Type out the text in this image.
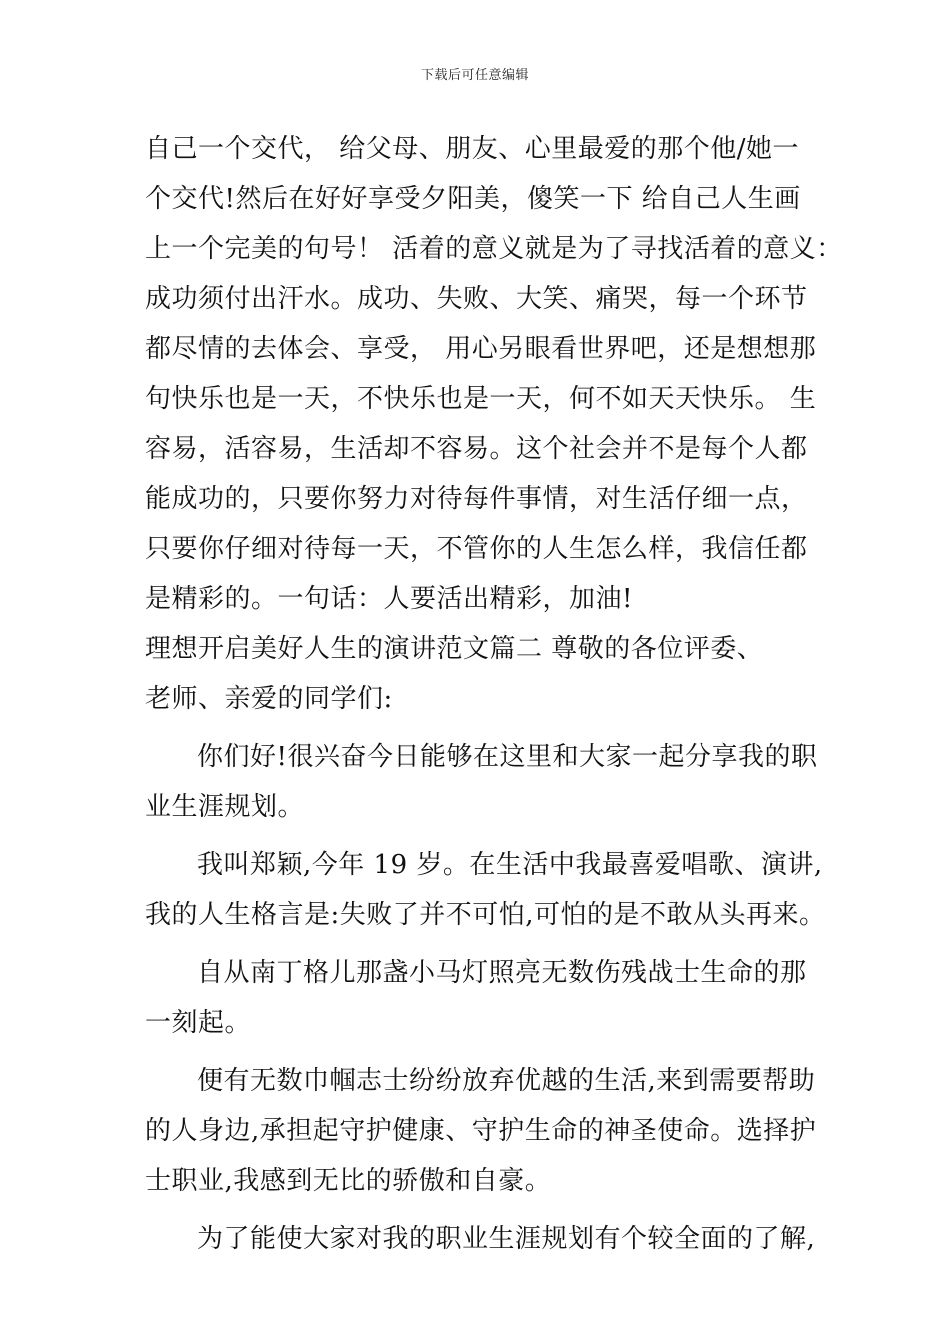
下载后可任意编辑
自己一个交代， 给父母、朋友、心里最爱的那个他/她一
个交代!然后在好好享受夕阳美，傻笑一下 给自己人生画
上一个完美的句号！ 活着的意义就是为了寻找活着的意义：
成功须付出汗水。成功、失败、大笑、痛哭，每一个环节
都尽情的去体会、享受， 用心另眼看世界吧，还是想想那
句快乐也是一天，不快乐也是一天，何不如天天快乐。 生
容易，活容易，生活却不容易。这个社会并不是每个人都
能成功的，只要你努力对待每件事情，对生活仔细一点，
只要你仔细对待每一天，不管你的人生怎么样，我信任都
是精彩的。一句话：人要活出精彩，加油!
理想开启美好人生的演讲范文篇二 尊敬的各位评委、
老师、亲爱的同学们:
你们好!很兴奋今日能够在这里和大家一起分享我的职
业生涯规划。
我叫郑颖,今年 19 岁。在生活中我最喜爱唱歌、演讲,
我的人生格言是:失败了并不可怕,可怕的是不敢从头再来。
自从南丁格儿那盏小马灯照亮无数伤残战士生命的那
一刻起。
便有无数巾帼志士纷纷放弃优越的生活,来到需要帮助
的人身边,承担起守护健康、守护生命的神圣使命。选择护
士职业,我感到无比的骄傲和自豪。
为了能使大家对我的职业生涯规划有个较全面的了解,
